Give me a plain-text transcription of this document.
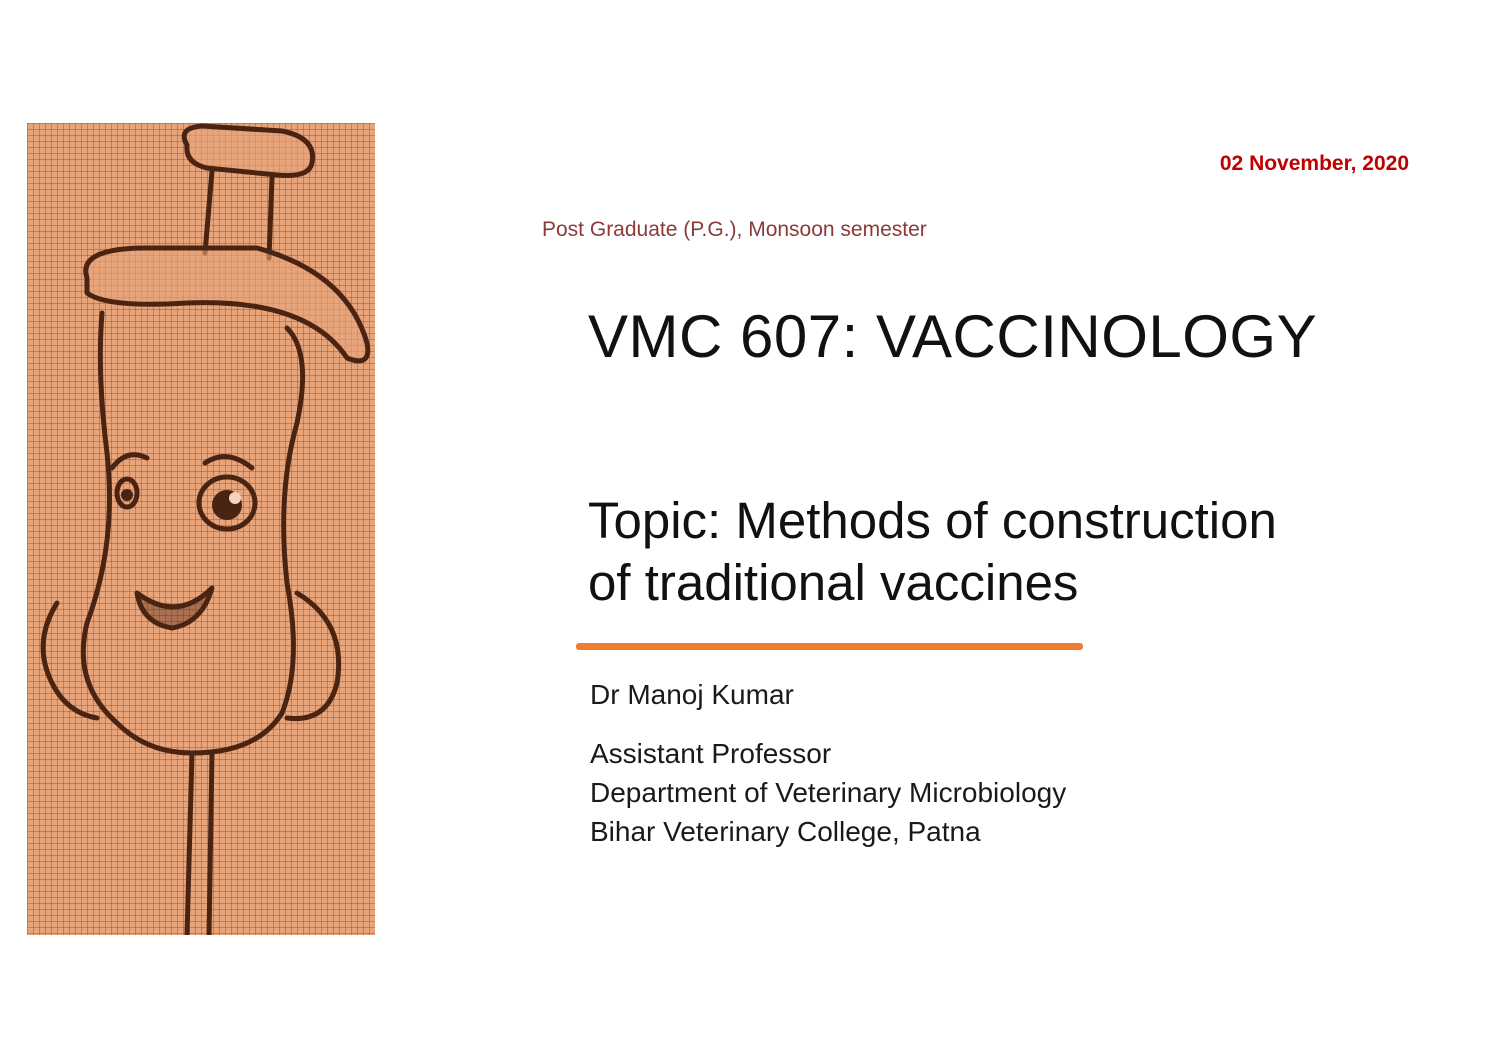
02 November, 2020
Post Graduate (P.G.), Monsoon semester
VMC 607: VACCINOLOGY
Topic: Methods of construction
of traditional vaccines
Dr Manoj Kumar
Assistant Professor
Department of Veterinary Microbiology
Bihar Veterinary College, Patna
